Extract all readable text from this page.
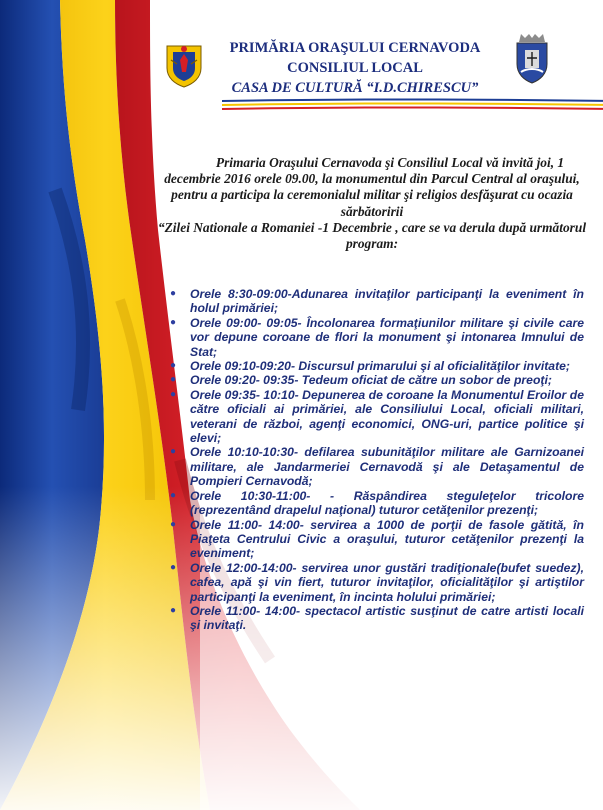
PRIMĂRIA ORAŞULUI CERNAVODA
CONSILIUL LOCAL
CASA DE CULTURĂ “I.D.CHIRESCU”

Primaria Oraşului Cernavoda şi Consiliul Local vă invită joi, 1 decembrie 2016 orele 09.00, la monumentul din Parcul Central al oraşului, pentru a participa la ceremonialul militar şi religios desfăşurat cu ocazia sărbătoririi

“Zilei Nationale a Romaniei -1 Decembrie , care se va derula după următorul program:

● Orele 8:30-09:00-Adunarea invitaţilor participanţi la eveniment în holul primăriei;
● Orele 09:00- 09:05- Încolonarea formaţiunilor militare şi civile care vor depune coroane de flori la monument şi intonarea Imnului de Stat;
● Orele 09:10-09:20- Discursul primarului şi al oficialităţilor invitate;
● Orele 09:20- 09:35- Tedeum oficiat de către un sobor de preoţi;
● Orele 09:35- 10:10- Depunerea de coroane la Monumentul Eroilor de către oficiali ai primăriei, ale Consiliului Local, oficiali militari, veterani de război, agenţi economici, ONG-uri, partice politice şi elevi;
● Orele 10:10-10:30- defilarea subunităţilor militare ale Garnizoanei militare, ale Jandarmeriei Cernavodă şi ale Detaşamentul de Pompieri Cernavodă;
● Orele 10:30-11:00- - Răspândirea steguleţelor tricolore (reprezentând drapelul naţional) tuturor cetăţenilor prezenţi;
● Orele 11:00- 14:00- servirea a 1000 de porţii de fasole gătită, în Piaţeta Centrului Civic a oraşului, tuturor cetăţenilor prezenţi la eveniment;
● Orele 12:00-14:00- servirea unor gustări tradiţionale(bufet suedez), cafea, apă şi vin fiert, tuturor invitaţilor, oficialităţilor şi artiştilor participanţi la eveniment, în incinta holului primăriei;
● Orele 11:00- 14:00- spectacol artistic susţinut de catre artisti locali şi invitaţi.
